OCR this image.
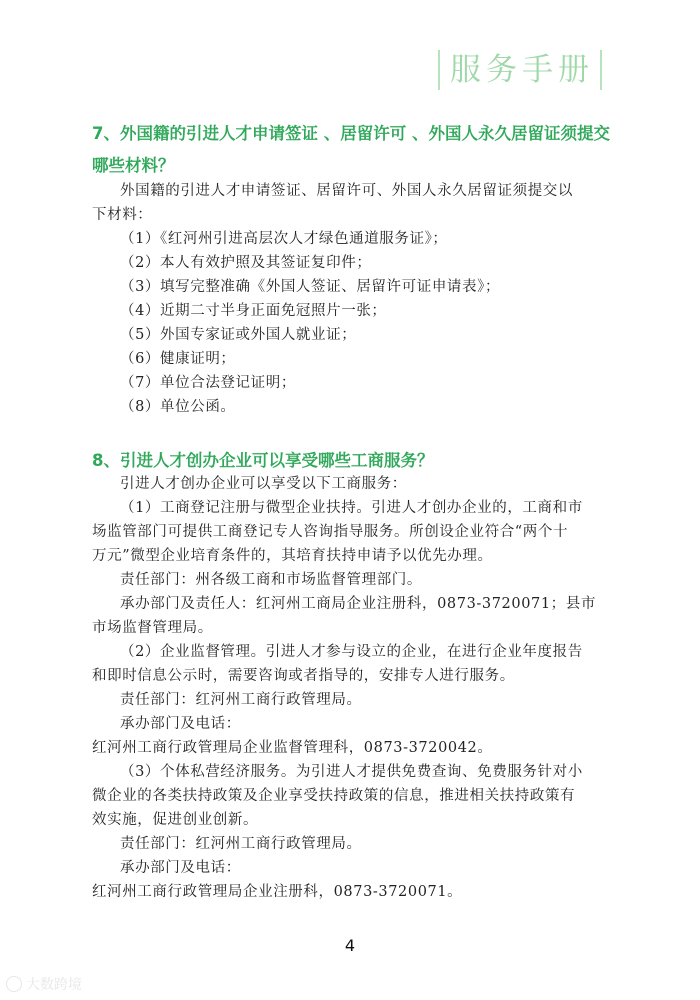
服务手册

7、外国籍的引进人才申请签证 、居留许可 、外国人永久居留证须提交

哪些材料？

外国籍的引进人才申请签证、居留许可、外国人永久居留证须提交以
下材料：
（1）《红河州引进高层次人才绿色通道服务证》；
（2）本人有效护照及其签证复印件；
（3）填写完整准确《外国人签证、居留许可证申请表》；
（4）近期二寸半身正面免冠照片一张；
（5）外国专家证或外国人就业证；
（6）健康证明；
（7）单位合法登记证明；
（8）单位公函。

8、引进人才创办企业可以享受哪些工商服务？

引进人才创办企业可以享受以下工商服务：
（1）工商登记注册与微型企业扶持。引进人才创办企业的，工商和市
场监管部门可提供工商登记专人咨询指导服务。所创设企业符合“两个十
万元”微型企业培育条件的，其培育扶持申请予以优先办理。
责任部门：州各级工商和市场监督管理部门。
承办部门及责任人：红河州工商局企业注册科，0873-3720071；县市
市场监督管理局。
（2）企业监督管理。引进人才参与设立的企业，在进行企业年度报告
和即时信息公示时，需要咨询或者指导的，安排专人进行服务。
责任部门：红河州工商行政管理局。
承办部门及电话：
红河州工商行政管理局企业监督管理科，0873-3720042。
（3）个体私营经济服务。为引进人才提供免费查询、免费服务针对小
微企业的各类扶持政策及企业享受扶持政策的信息，推进相关扶持政策有
效实施，促进创业创新。
责任部门：红河州工商行政管理局。
承办部门及电话：
红河州工商行政管理局企业注册科，0873-3720071。
4
大数跨境
